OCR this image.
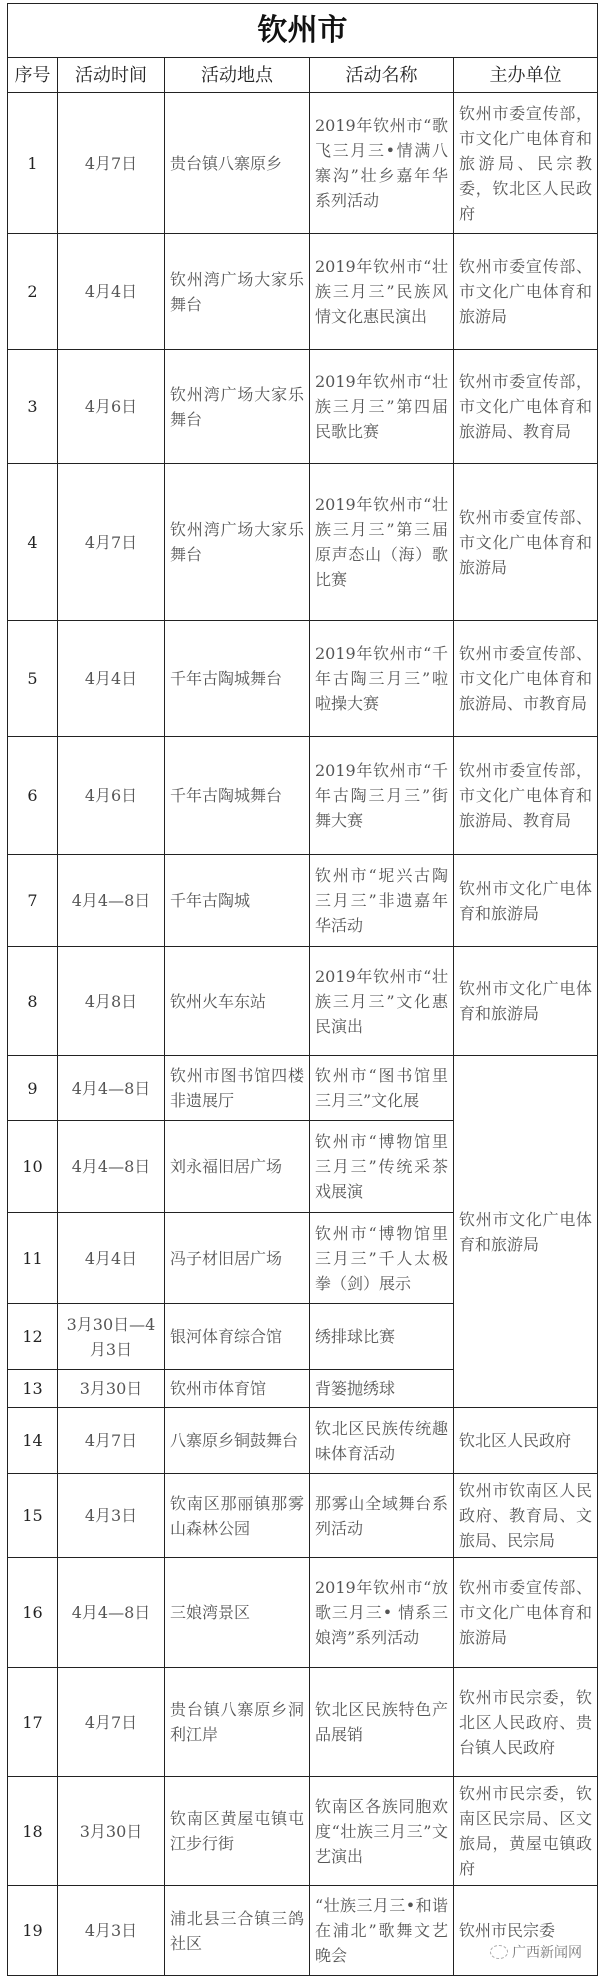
钦州市				
序号	活动时间	活动地点	活动名称	主办单位
1	4月7日	贵台镇八寨原乡	2019年钦州市“歌飞三月三•情满八寨沟”壮乡嘉年华系列活动	钦州市委宣传部，市文化广电体育和旅游局、民宗教委，钦北区人民政府
2	4月4日	钦州湾广场大家乐舞台	2019年钦州市“壮族三月三”民族风情文化惠民演出	钦州市委宣传部、市文化广电体育和旅游局
3	4月6日	钦州湾广场大家乐舞台	2019年钦州市“壮族三月三”第四届民歌比赛	钦州市委宣传部，市文化广电体育和旅游局、教育局
4	4月7日	钦州湾广场大家乐舞台	2019年钦州市“壮族三月三”第三届原声态山（海）歌比赛	钦州市委宣传部、市文化广电体育和旅游局
5	4月4日	千年古陶城舞台	2019年钦州市“千年古陶三月三”啦啦操大赛	钦州市委宣传部、市文化广电体育和旅游局、市教育局
6	4月6日	千年古陶城舞台	2019年钦州市“千年古陶三月三”街舞大赛	钦州市委宣传部，市文化广电体育和旅游局、教育局
7	4月4—8日	千年古陶城	钦州市“坭兴古陶三月三”非遗嘉年华活动	钦州市文化广电体育和旅游局
8	4月8日	钦州火车东站	2019年钦州市“壮族三月三”文化惠民演出	钦州市文化广电体育和旅游局
9	4月4—8日	钦州市图书馆四楼非遗展厅	钦州市“图书馆里三月三”文化展	钦州市文化广电体育和旅游局
10	4月4—8日	刘永福旧居广场	钦州市“博物馆里三月三”传统采茶戏展演	
11	4月4日	冯子材旧居广场	钦州市“博物馆里三月三”千人太极拳（剑）展示	
12	3月30日—4月3日	银河体育综合馆	绣排球比赛	
13	3月30日	钦州市体育馆	背篓抛绣球	
14	4月7日	八寨原乡铜鼓舞台	钦北区民族传统趣味体育活动	钦北区人民政府
15	4月3日	钦南区那丽镇那雾山森林公园	那雾山全域舞台系列活动	钦州市钦南区人民政府、教育局、文旅局、民宗局
16	4月4—8日	三娘湾景区	2019年钦州市“放歌三月三• 情系三娘湾”系列活动	钦州市委宣传部、市文化广电体育和旅游局
17	4月7日	贵台镇八寨原乡洞利江岸	钦北区民族特色产品展销	钦州市民宗委，钦北区人民政府、贵台镇人民政府
18	3月30日	钦南区黄屋屯镇屯江步行街	钦南区各族同胞欢度“壮族三月三”文艺演出	钦州市民宗委，钦南区民宗局、区文旅局，黄屋屯镇政府
19	4月3日	浦北县三合镇三鸽社区	“壮族三月三•和谐在浦北”歌舞文艺晚会	钦州市民宗委
广西新闻网
